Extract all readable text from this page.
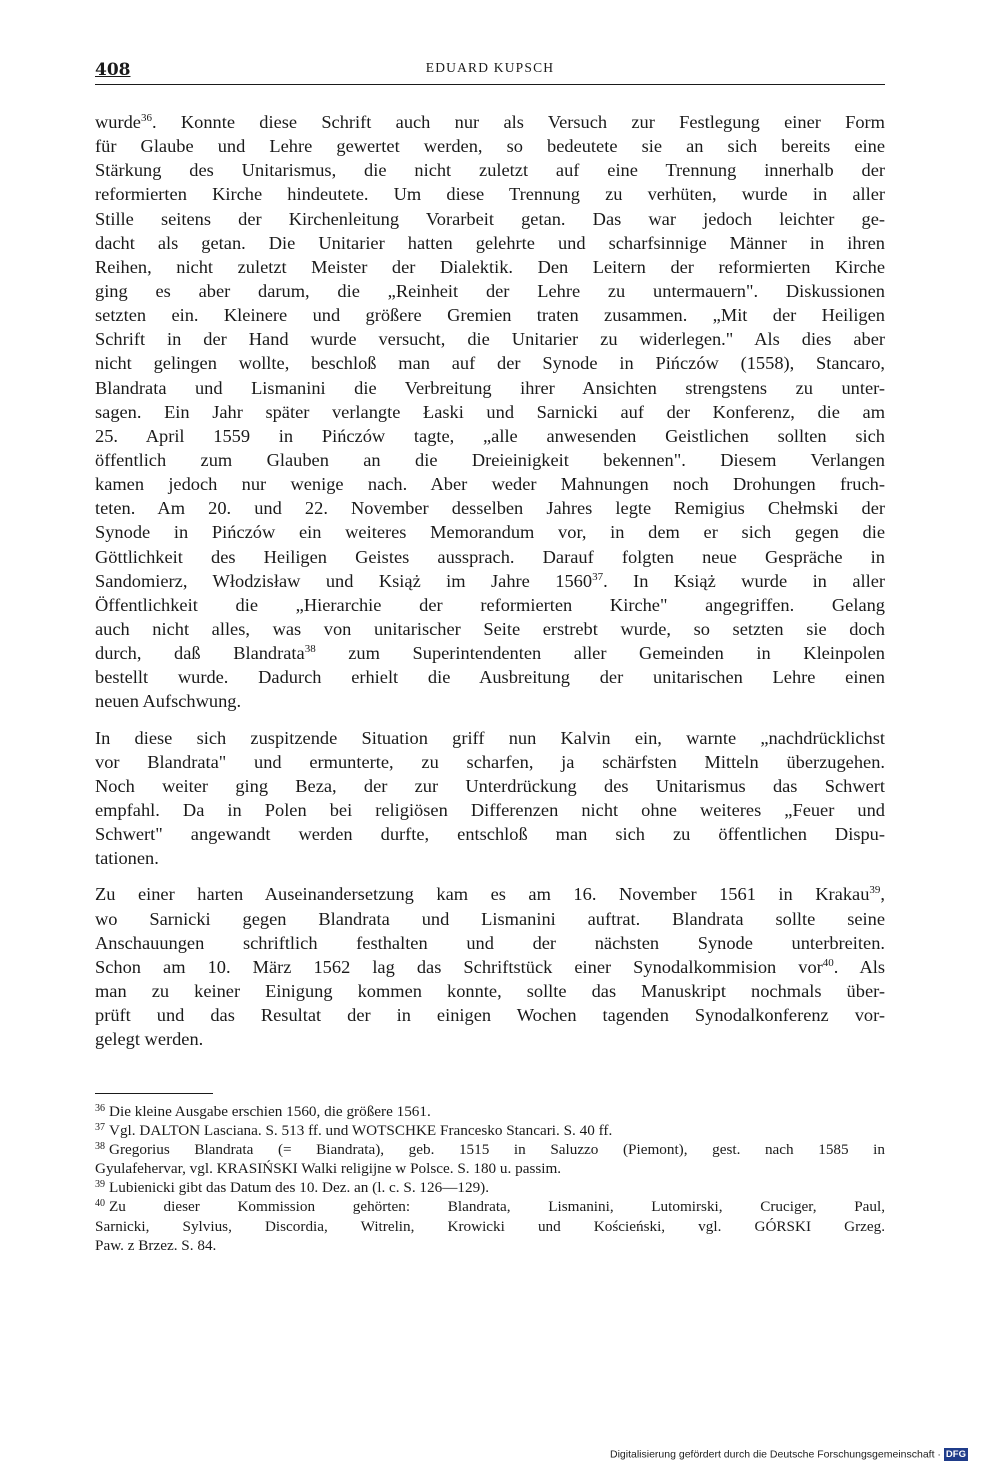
408	EDUARD KUPSCH
wurde$^{36}$. Konnte diese Schrift auch nur als Versuch zur Festlegung einer Form
für Glaube und Lehre gewertet werden, so bedeutete sie an sich bereits eine
Stärkung des Unitarismus, die nicht zuletzt auf eine Trennung innerhalb der
reformierten Kirche hindeutete. Um diese Trennung zu verhüten, wurde in aller
Stille seitens der Kirchenleitung Vorarbeit getan. Das war jedoch leichter ge-
dacht als getan. Die Unitarier hatten gelehrte und scharfsinnige Männer in ihren
Reihen, nicht zuletzt Meister der Dialektik. Den Leitern der reformierten Kirche
ging es aber darum, die „Reinheit der Lehre zu untermauern". Diskussionen
setzten ein. Kleinere und größere Gremien traten zusammen. „Mit der Heiligen
Schrift in der Hand wurde versucht, die Unitarier zu widerlegen." Als dies aber
nicht gelingen wollte, beschloß man auf der Synode in Pińczów (1558), Stancaro,
Blandrata und Lismanini die Verbreitung ihrer Ansichten strengstens zu unter-
sagen. Ein Jahr später verlangte Łaski und Sarnicki auf der Konferenz, die am
25. April 1559 in Pińczów tagte, „alle anwesenden Geistlichen sollten sich
öffentlich zum Glauben an die Dreieinigkeit bekennen". Diesem Verlangen
kamen jedoch nur wenige nach. Aber weder Mahnungen noch Drohungen fruch-
teten. Am 20. und 22. November desselben Jahres legte Remigius Chełmski der
Synode in Pińczów ein weiteres Memorandum vor, in dem er sich gegen die
Göttlichkeit des Heiligen Geistes aussprach. Darauf folgten neue Gespräche in
Sandomierz, Włodzisław und Książ im Jahre 1560$^{37}$. In Książ wurde in aller
Öffentlichkeit die „Hierarchie der reformierten Kirche" angegriffen. Gelang
auch nicht alles, was von unitarischer Seite erstrebt wurde, so setzten sie doch
durch, daß Blandrata$^{38}$ zum Superintendenten aller Gemeinden in Kleinpolen
bestellt wurde. Dadurch erhielt die Ausbreitung der unitarischen Lehre einen
neuen Aufschwung.
In diese sich zuspitzende Situation griff nun Kalvin ein, warnte „nachdrücklichst
vor Blandrata" und ermunterte, zu scharfen, ja schärfsten Mitteln überzugehen.
Noch weiter ging Beza, der zur Unterdrückung des Unitarismus das Schwert
empfahl. Da in Polen bei religiösen Differenzen nicht ohne weiteres „Feuer und
Schwert" angewandt werden durfte, entschloß man sich zu öffentlichen Dispu-
tationen.
Zu einer harten Auseinandersetzung kam es am 16. November 1561 in Krakau$^{39}$,
wo Sarnicki gegen Blandrata und Lismanini auftrat. Blandrata sollte seine
Anschauungen schriftlich festhalten und der nächsten Synode unterbreiten.
Schon am 10. März 1562 lag das Schriftstück einer Synodalkommision vor$^{40}$. Als
man zu keiner Einigung kommen konnte, sollte das Manuskript nochmals über-
prüft und das Resultat der in einigen Wochen tagenden Synodalkonferenz vor-
gelegt werden.
$^{36}$ Die kleine Ausgabe erschien 1560, die größere 1561.
$^{37}$ Vgl. DALTON Lasciana. S. 513 ff. und WOTSCHKE Francesko Stancari. S. 40 ff.
$^{38}$ Gregorius Blandrata (= Biandrata), geb. 1515 in Saluzzo (Piemont), gest. nach 1585 in
Gyulafehervar, vgl. KRASIŃSKI Walki religijne w Polsce. S. 180 u. passim.
$^{39}$ Lubienicki gibt das Datum des 10. Dez. an (l. c. S. 126—129).
$^{40}$ Zu dieser Kommission gehörten: Blandrata, Lismanini, Lutomirski, Cruciger, Paul,
Sarnicki, Sylvius, Discordia, Witrelin, Krowicki und Kościeński, vgl. GÓRSKI Grzeg.
Paw. z Brzez. S. 84.
Digitalisierung gefördert durch die Deutsche Forschungsgemeinschaft · DFG
